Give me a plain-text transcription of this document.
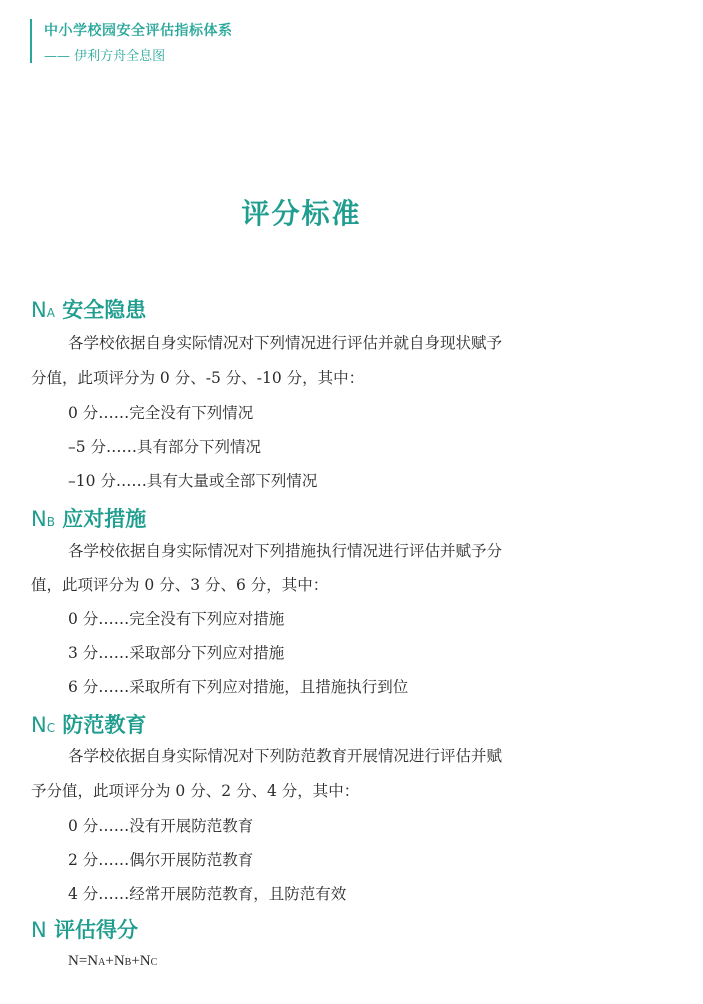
中小学校园安全评估指标体系
—— 伊利方舟全息图
评分标准
NA 安全隐患
各学校依据自身实际情况对下列情况进行评估并就自身现状赋予
分值，此项评分为 0 分、-5 分、-10 分，其中：
0 分……完全没有下列情况
–5 分……具有部分下列情况
–10 分……具有大量或全部下列情况
NB 应对措施
各学校依据自身实际情况对下列措施执行情况进行评估并赋予分
值，此项评分为 0 分、3 分、6 分，其中：
0 分……完全没有下列应对措施
3 分……采取部分下列应对措施
6 分……采取所有下列应对措施，且措施执行到位
NC 防范教育
各学校依据自身实际情况对下列防范教育开展情况进行评估并赋
予分值，此项评分为 0 分、2 分、4 分，其中：
0 分……没有开展防范教育
2 分……偶尔开展防范教育
4 分……经常开展防范教育，且防范有效
N 评估得分
N=NA+NB+NC
